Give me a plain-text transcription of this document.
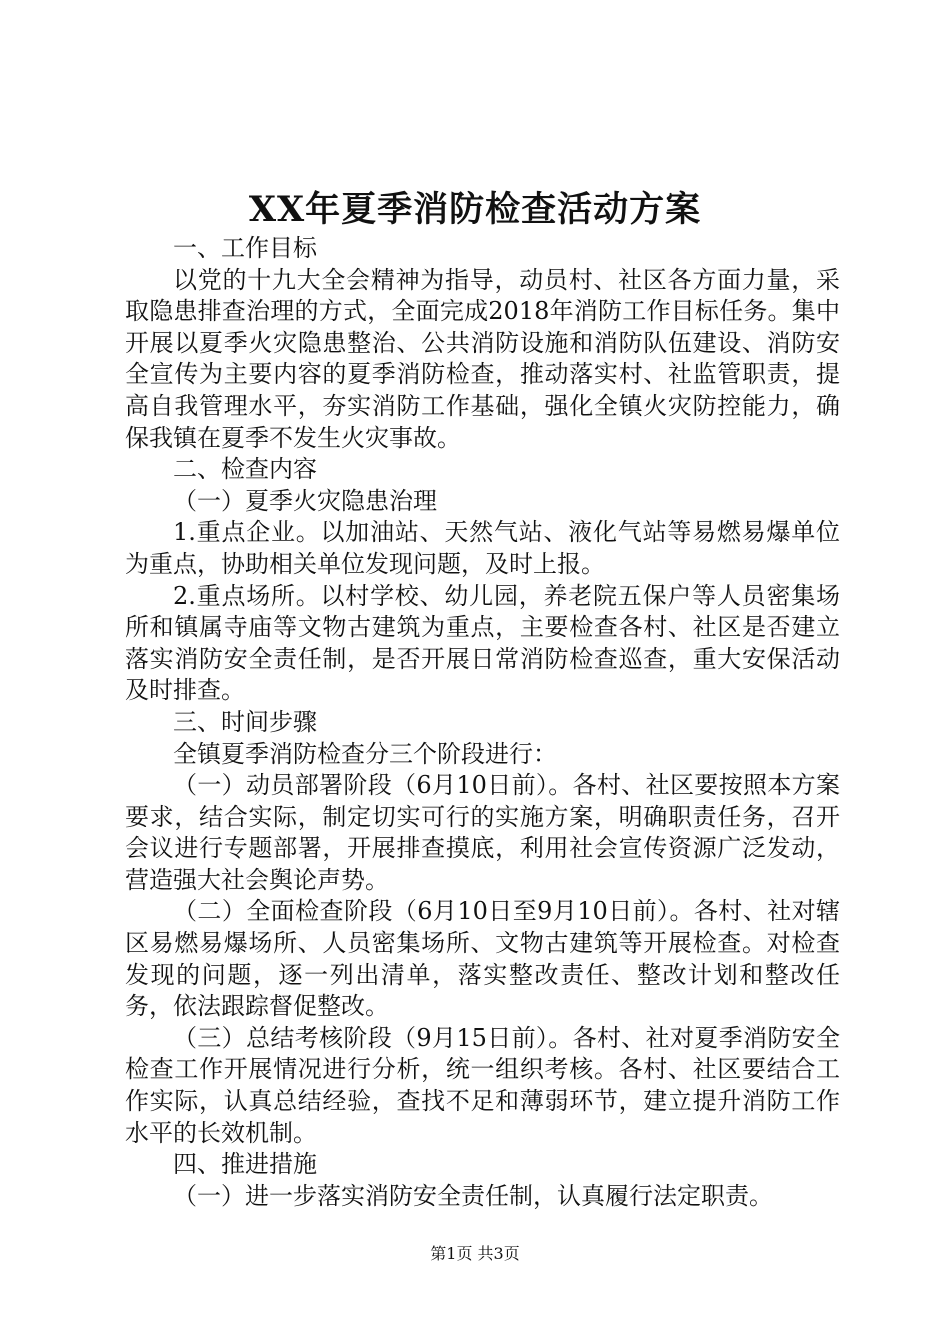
XX年夏季消防检查活动方案

一、工作目标

以党的十九大全会精神为指导，动员村、社区各方面力量，采取隐患排查治理的方式，全面完成2018年消防工作目标任务。集中开展以夏季火灾隐患整治、公共消防设施和消防队伍建设、消防安全宣传为主要内容的夏季消防检查，推动落实村、社监管职责，提高自我管理水平，夯实消防工作基础，强化全镇火灾防控能力，确保我镇在夏季不发生火灾事故。

二、检查内容

（一）夏季火灾隐患治理

1.重点企业。以加油站、天然气站、液化气站等易燃易爆单位为重点，协助相关单位发现问题，及时上报。

2.重点场所。以村学校、幼儿园，养老院五保户等人员密集场所和镇属寺庙等文物古建筑为重点，主要检查各村、社区是否建立落实消防安全责任制，是否开展日常消防检查巡查，重大安保活动及时排查。

三、时间步骤

全镇夏季消防检查分三个阶段进行：

（一）动员部署阶段（6月10日前）。各村、社区要按照本方案要求，结合实际，制定切实可行的实施方案，明确职责任务，召开会议进行专题部署，开展排查摸底，利用社会宣传资源广泛发动，营造强大社会舆论声势。

（二）全面检查阶段（6月10日至9月10日前）。各村、社对辖区易燃易爆场所、人员密集场所、文物古建筑等开展检查。对检查发现的问题，逐一列出清单，落实整改责任、整改计划和整改任务，依法跟踪督促整改。

（三）总结考核阶段（9月15日前）。各村、社对夏季消防安全检查工作开展情况进行分析，统一组织考核。各村、社区要结合工作实际，认真总结经验，查找不足和薄弱环节，建立提升消防工作水平的长效机制。

四、推进措施

（一）进一步落实消防安全责任制，认真履行法定职责。

第1页 共3页
